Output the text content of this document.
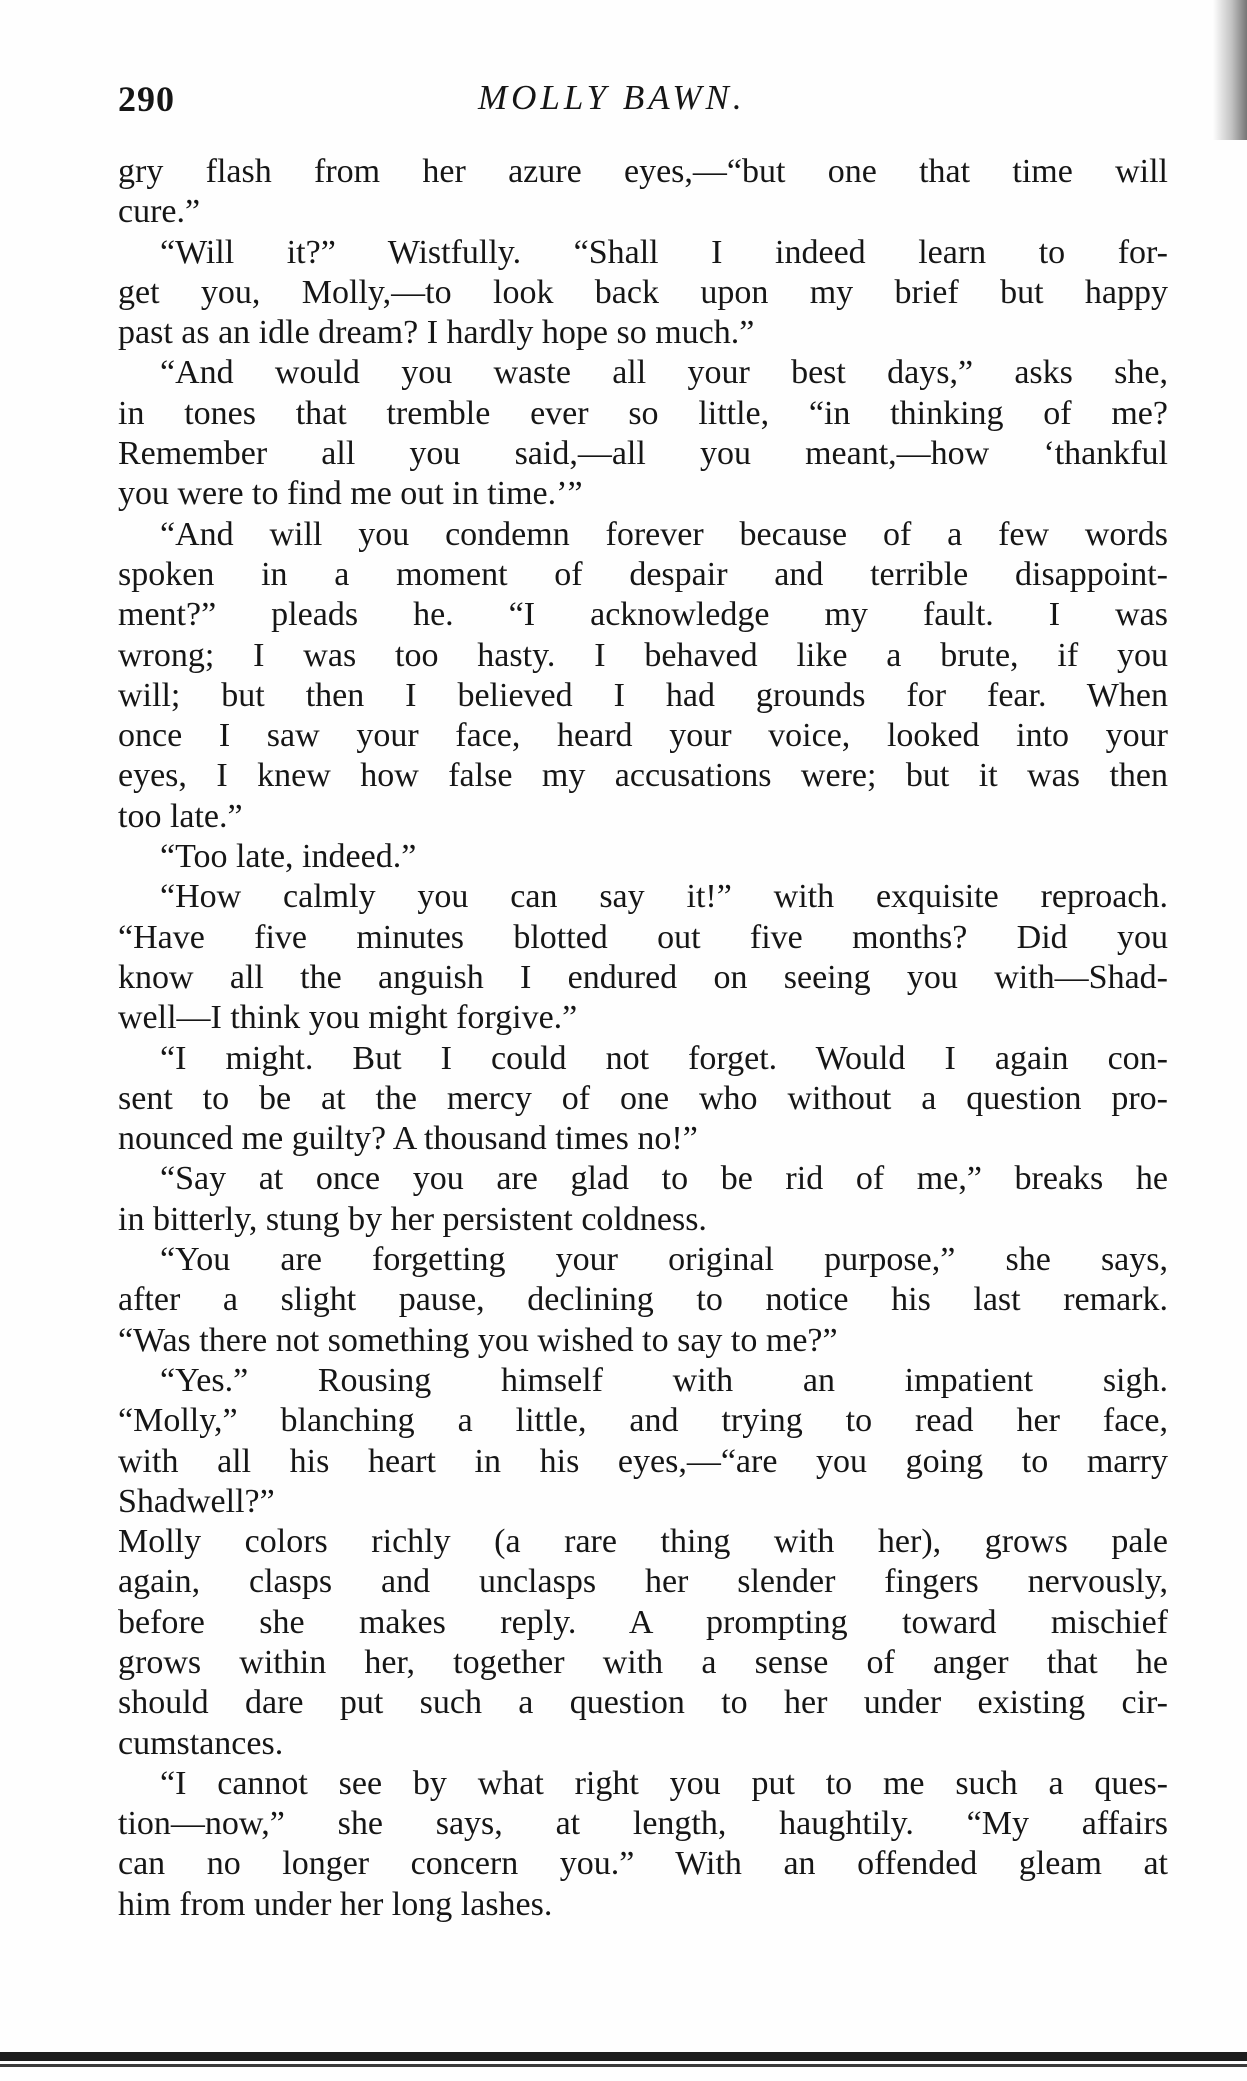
290	MOLLY BAWN.
gry flash from her azure eyes,—“but one that time will
cure.”
“Will it?” Wistfully. “Shall I indeed learn to for-
get you, Molly,—to look back upon my brief but happy
past as an idle dream? I hardly hope so much.”
“And would you waste all your best days,” asks she,
in tones that tremble ever so little, “in thinking of me?
Remember all you said,—all you meant,—how ‘thankful
you were to find me out in time.’”
“And will you condemn forever because of a few words
spoken in a moment of despair and terrible disappoint-
ment?” pleads he. “I acknowledge my fault. I was
wrong; I was too hasty. I behaved like a brute, if you
will; but then I believed I had grounds for fear. When
once I saw your face, heard your voice, looked into your
eyes, I knew how false my accusations were; but it was then
too late.”
“Too late, indeed.”
“How calmly you can say it!” with exquisite reproach.
“Have five minutes blotted out five months? Did you
know all the anguish I endured on seeing you with—Shad-
well—I think you might forgive.”
“I might. But I could not forget. Would I again con-
sent to be at the mercy of one who without a question pro-
nounced me guilty? A thousand times no!”
“Say at once you are glad to be rid of me,” breaks he
in bitterly, stung by her persistent coldness.
“You are forgetting your original purpose,” she says,
after a slight pause, declining to notice his last remark.
“Was there not something you wished to say to me?”
“Yes.” Rousing himself with an impatient sigh.
“Molly,” blanching a little, and trying to read her face,
with all his heart in his eyes,—“are you going to marry
Shadwell?”
Molly colors richly (a rare thing with her), grows pale
again, clasps and unclasps her slender fingers nervously,
before she makes reply. A prompting toward mischief
grows within her, together with a sense of anger that he
should dare put such a question to her under existing cir-
cumstances.
“I cannot see by what right you put to me such a ques-
tion—now,” she says, at length, haughtily. “My affairs
can no longer concern you.” With an offended gleam at
him from under her long lashes.
